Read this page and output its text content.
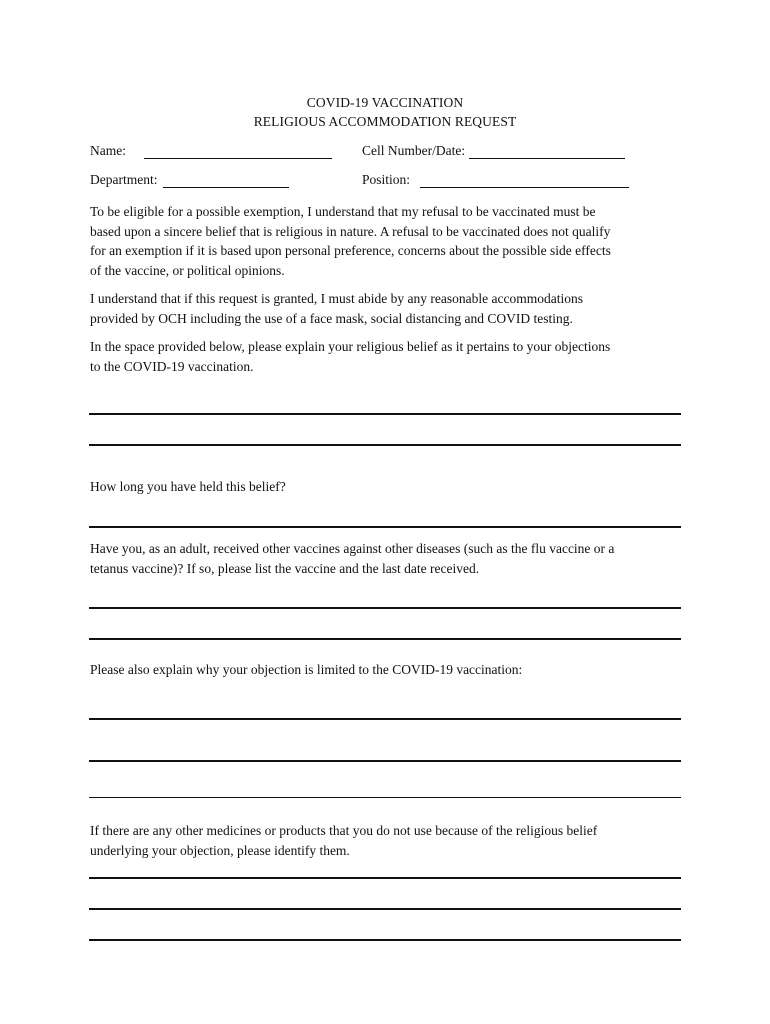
COVID-19 VACCINATION
RELIGIOUS ACCOMMODATION REQUEST
Name:	Cell Number/Date:
Department:	Position:
To be eligible for a possible exemption, I understand that my refusal to be vaccinated must be
based upon a sincere belief that is religious in nature. A refusal to be vaccinated does not qualify
for an exemption if it is based upon personal preference, concerns about the possible side effects
of the vaccine, or political opinions.
I understand that if this request is granted, I must abide by any reasonable accommodations
provided by OCH including the use of a face mask, social distancing and COVID testing.
In the space provided below, please explain your religious belief as it pertains to your objections
to the COVID-19 vaccination.
How long you have held this belief?
Have you, as an adult, received other vaccines against other diseases (such as the flu vaccine or a
tetanus vaccine)? If so, please list the vaccine and the last date received.
Please also explain why your objection is limited to the COVID-19 vaccination:
If there are any other medicines or products that you do not use because of the religious belief
underlying your objection, please identify them.
